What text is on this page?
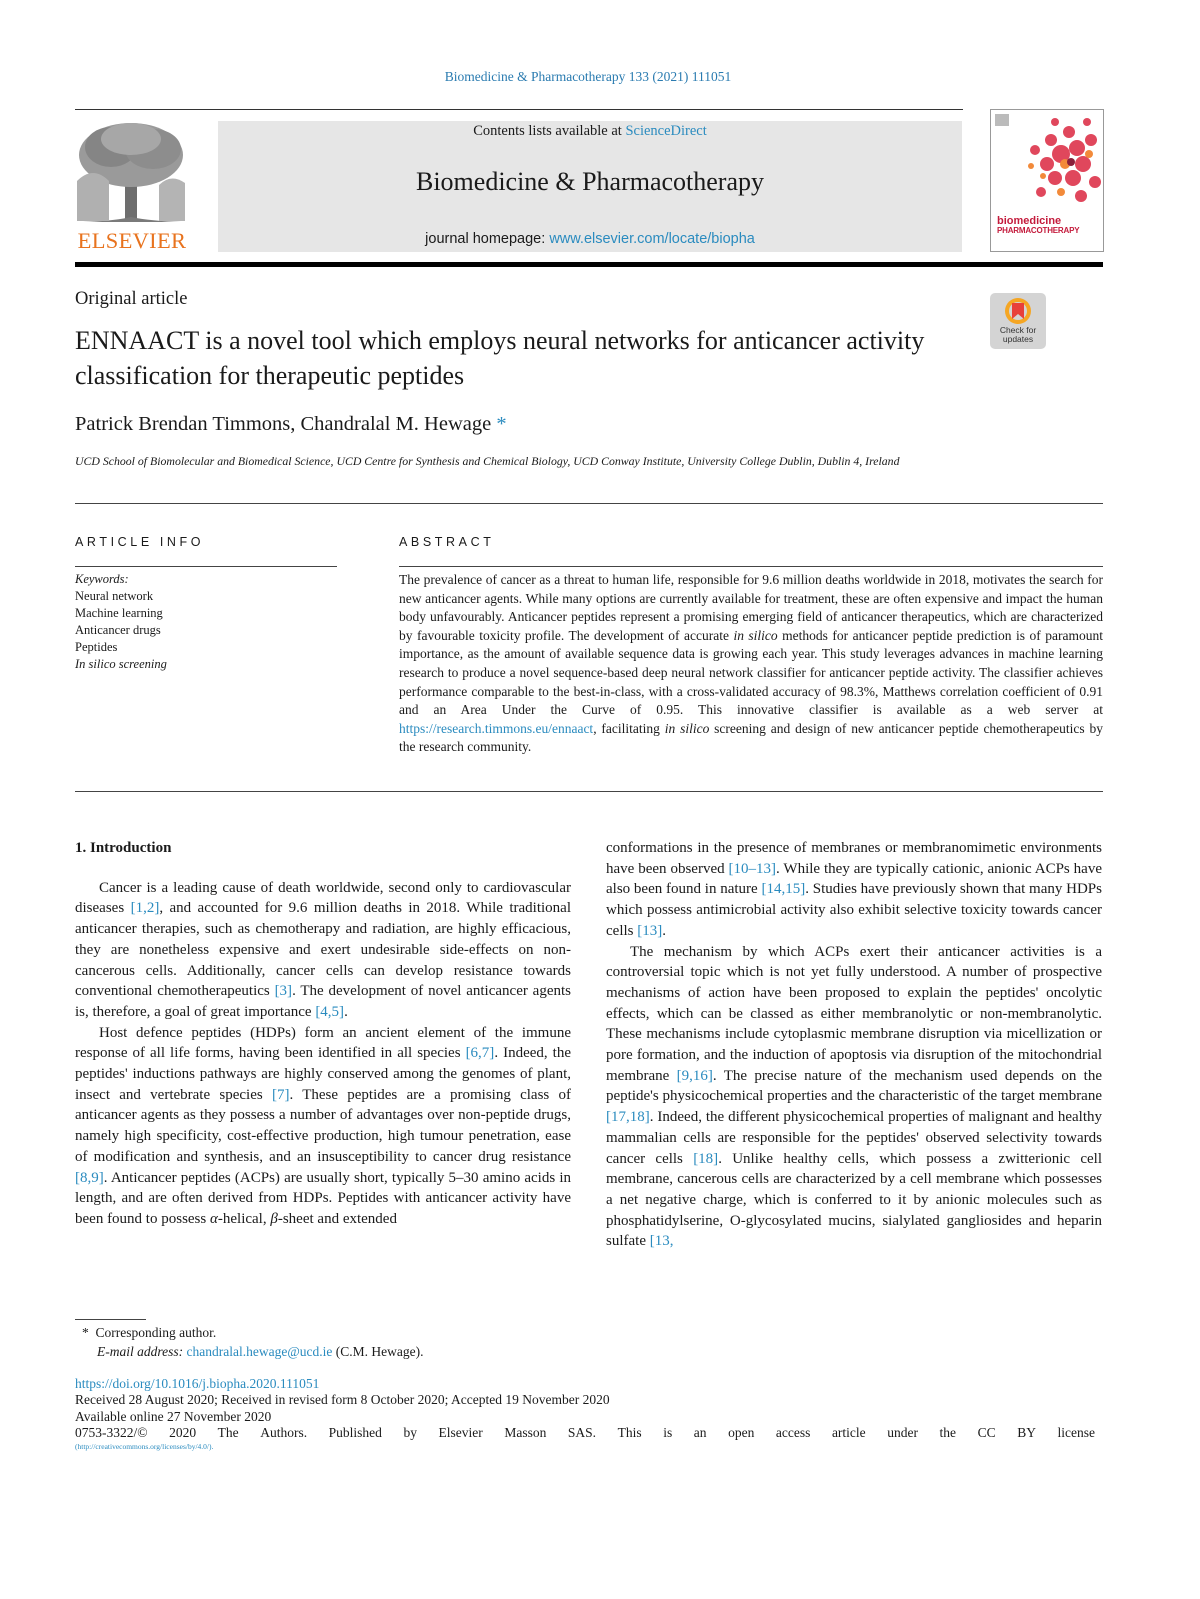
Biomedicine & Pharmacotherapy 133 (2021) 111051
ELSEVIER
Contents lists available at ScienceDirect
Biomedicine & Pharmacotherapy
journal homepage: www.elsevier.com/locate/biopha
biomedicine
PHARMACOTHERAPY
Original article
ENNAACT is a novel tool which employs neural networks for anticancer activity classification for therapeutic peptides
Check for updates
Patrick Brendan Timmons, Chandralal M. Hewage *
UCD School of Biomolecular and Biomedical Science, UCD Centre for Synthesis and Chemical Biology, UCD Conway Institute, University College Dublin, Dublin 4, Ireland
ARTICLE INFO	ABSTRACT
Keywords:
Neural network
Machine learning
Anticancer drugs
Peptides
In silico screening
The prevalence of cancer as a threat to human life, responsible for 9.6 million deaths worldwide in 2018, motivates the search for new anticancer agents. While many options are currently available for treatment, these are often expensive and impact the human body unfavourably. Anticancer peptides represent a promising emerging field of anticancer therapeutics, which are characterized by favourable toxicity profile. The development of accurate in silico methods for anticancer peptide prediction is of paramount importance, as the amount of available sequence data is growing each year. This study leverages advances in machine learning research to produce a novel sequence-based deep neural network classifier for anticancer peptide activity. The classifier achieves performance comparable to the best-in-class, with a cross-validated accuracy of 98.3%, Matthews correlation coefficient of 0.91 and an Area Under the Curve of 0.95. This innovative classifier is available as a web server at https://research.timmons.eu/ennaact, facilitating in silico screening and design of new anticancer peptide chemotherapeutics by the research community.
1. Introduction

Cancer is a leading cause of death worldwide, second only to cardiovascular diseases [1,2], and accounted for 9.6 million deaths in 2018. While traditional anticancer therapies, such as chemotherapy and radiation, are highly efficacious, they are nonetheless expensive and exert undesirable side-effects on non-cancerous cells. Additionally, cancer cells can develop resistance towards conventional chemotherapeutics [3]. The development of novel anticancer agents is, therefore, a goal of great importance [4,5].

Host defence peptides (HDPs) form an ancient element of the immune response of all life forms, having been identified in all species [6,7]. Indeed, the peptides' inductions pathways are highly conserved among the genomes of plant, insect and vertebrate species [7]. These peptides are a promising class of anticancer agents as they possess a number of advantages over non-peptide drugs, namely high specificity, cost-effective production, high tumour penetration, ease of modification and synthesis, and an insusceptibility to cancer drug resistance [8,9]. Anticancer peptides (ACPs) are usually short, typically 5–30 amino acids in length, and are often derived from HDPs. Peptides with anticancer activity have been found to possess α-helical, β-sheet and extended

conformations in the presence of membranes or membranomimetic environments have been observed [10–13]. While they are typically cationic, anionic ACPs have also been found in nature [14,15]. Studies have previously shown that many HDPs which possess antimicrobial activity also exhibit selective toxicity towards cancer cells [13].

The mechanism by which ACPs exert their anticancer activities is a controversial topic which is not yet fully understood. A number of prospective mechanisms of action have been proposed to explain the peptides' oncolytic effects, which can be classed as either membranolytic or non-membranolytic. These mechanisms include cytoplasmic membrane disruption via micellization or pore formation, and the induction of apoptosis via disruption of the mitochondrial membrane [9,16]. The precise nature of the mechanism used depends on the peptide's physicochemical properties and the characteristic of the target membrane [17,18]. Indeed, the different physicochemical properties of malignant and healthy mammalian cells are responsible for the peptides' observed selectivity towards cancer cells [18]. Unlike healthy cells, which possess a zwitterionic cell membrane, cancerous cells are characterized by a cell membrane which possesses a net negative charge, which is conferred to it by anionic molecules such as phosphatidylserine, O-glycosylated mucins, sialylated gangliosides and heparin sulfate [13,

* Corresponding author.
E-mail address: chandralal.hewage@ucd.ie (C.M. Hewage).
https://doi.org/10.1016/j.biopha.2020.111051
Received 28 August 2020; Received in revised form 8 October 2020; Accepted 19 November 2020
Available online 27 November 2020
0753-3322/© 2020 The Authors. Published by Elsevier Masson SAS. This is an open access article under the CC BY license
(http://creativecommons.org/licenses/by/4.0/).
